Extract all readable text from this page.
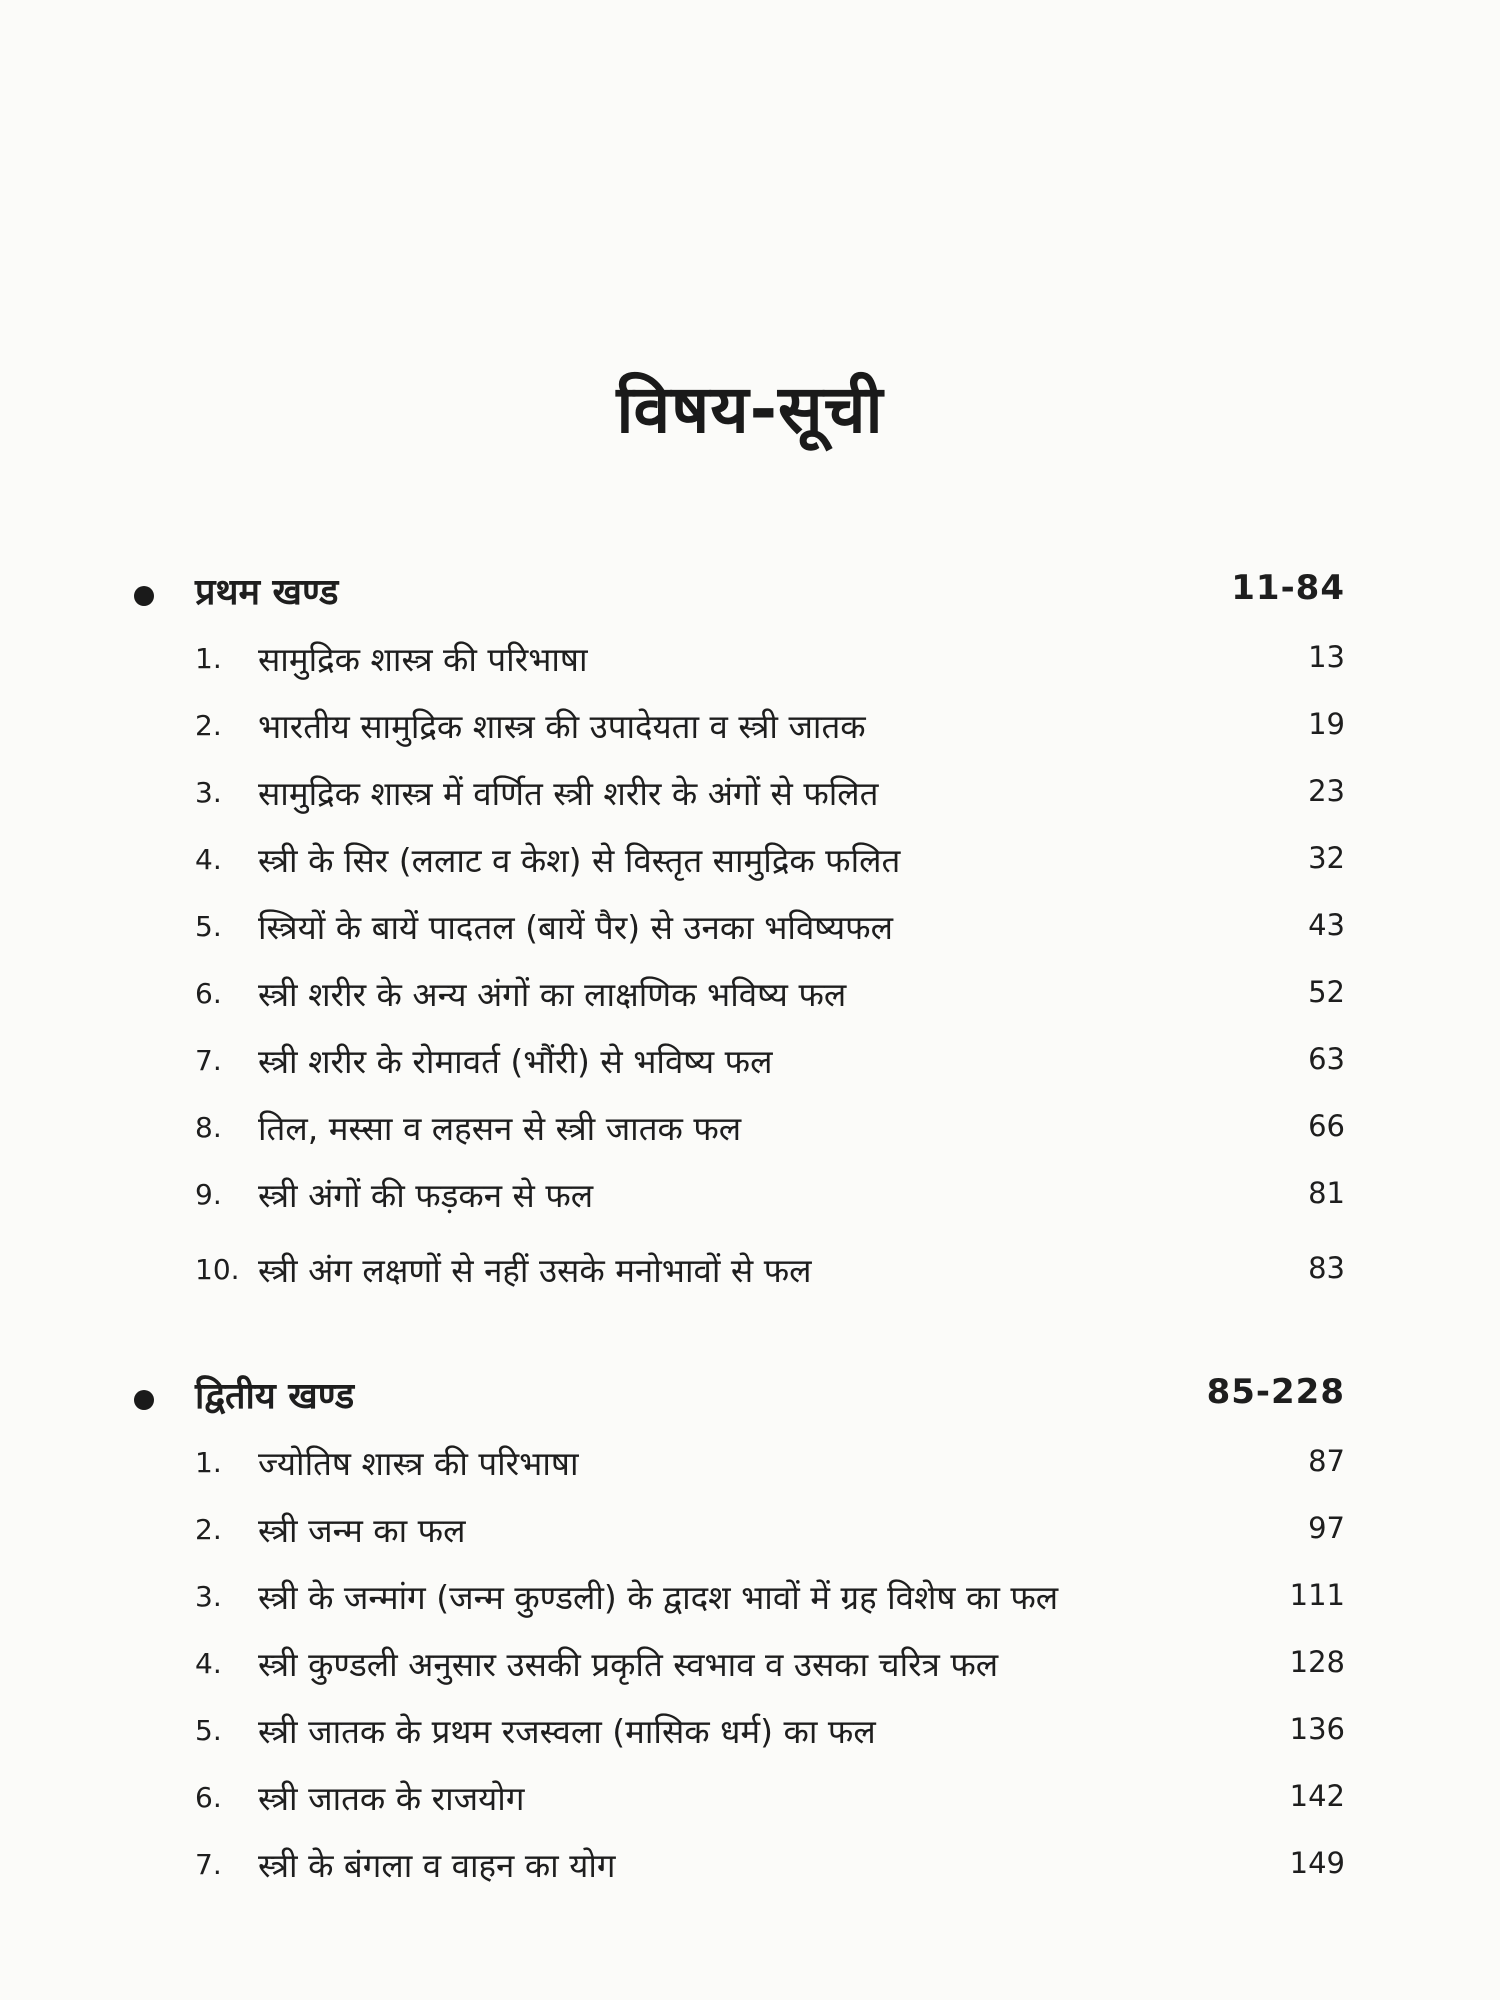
विषय-सूची
प्रथम खण्ड	11-84
1. सामुद्रिक शास्त्र की परिभाषा	13
2. भारतीय सामुद्रिक शास्त्र की उपादेयता व स्त्री जातक	19
3. सामुद्रिक शास्त्र में वर्णित स्त्री शरीर के अंगों से फलित	23
4. स्त्री के सिर (ललाट व केश) से विस्तृत सामुद्रिक फलित	32
5. स्त्रियों के बायें पादतल (बायें पैर) से उनका भविष्यफल	43
6. स्त्री शरीर के अन्य अंगों का लाक्षणिक भविष्य फल	52
7. स्त्री शरीर के रोमावर्त (भौंरी) से भविष्य फल	63
8. तिल, मस्सा व लहसन से स्त्री जातक फल	66
9. स्त्री अंगों की फड़कन से फल	81
10. स्त्री अंग लक्षणों से नहीं उसके मनोभावों से फल	83
द्वितीय खण्ड	85-228
1. ज्योतिष शास्त्र की परिभाषा	87
2. स्त्री जन्म का फल	97
3. स्त्री के जन्मांग (जन्म कुण्डली) के द्वादश भावों में ग्रह विशेष का फल	111
4. स्त्री कुण्डली अनुसार उसकी प्रकृति स्वभाव व उसका चरित्र फल	128
5. स्त्री जातक के प्रथम रजस्वला (मासिक धर्म) का फल	136
6. स्त्री जातक के राजयोग	142
7. स्त्री के बंगला व वाहन का योग	149
